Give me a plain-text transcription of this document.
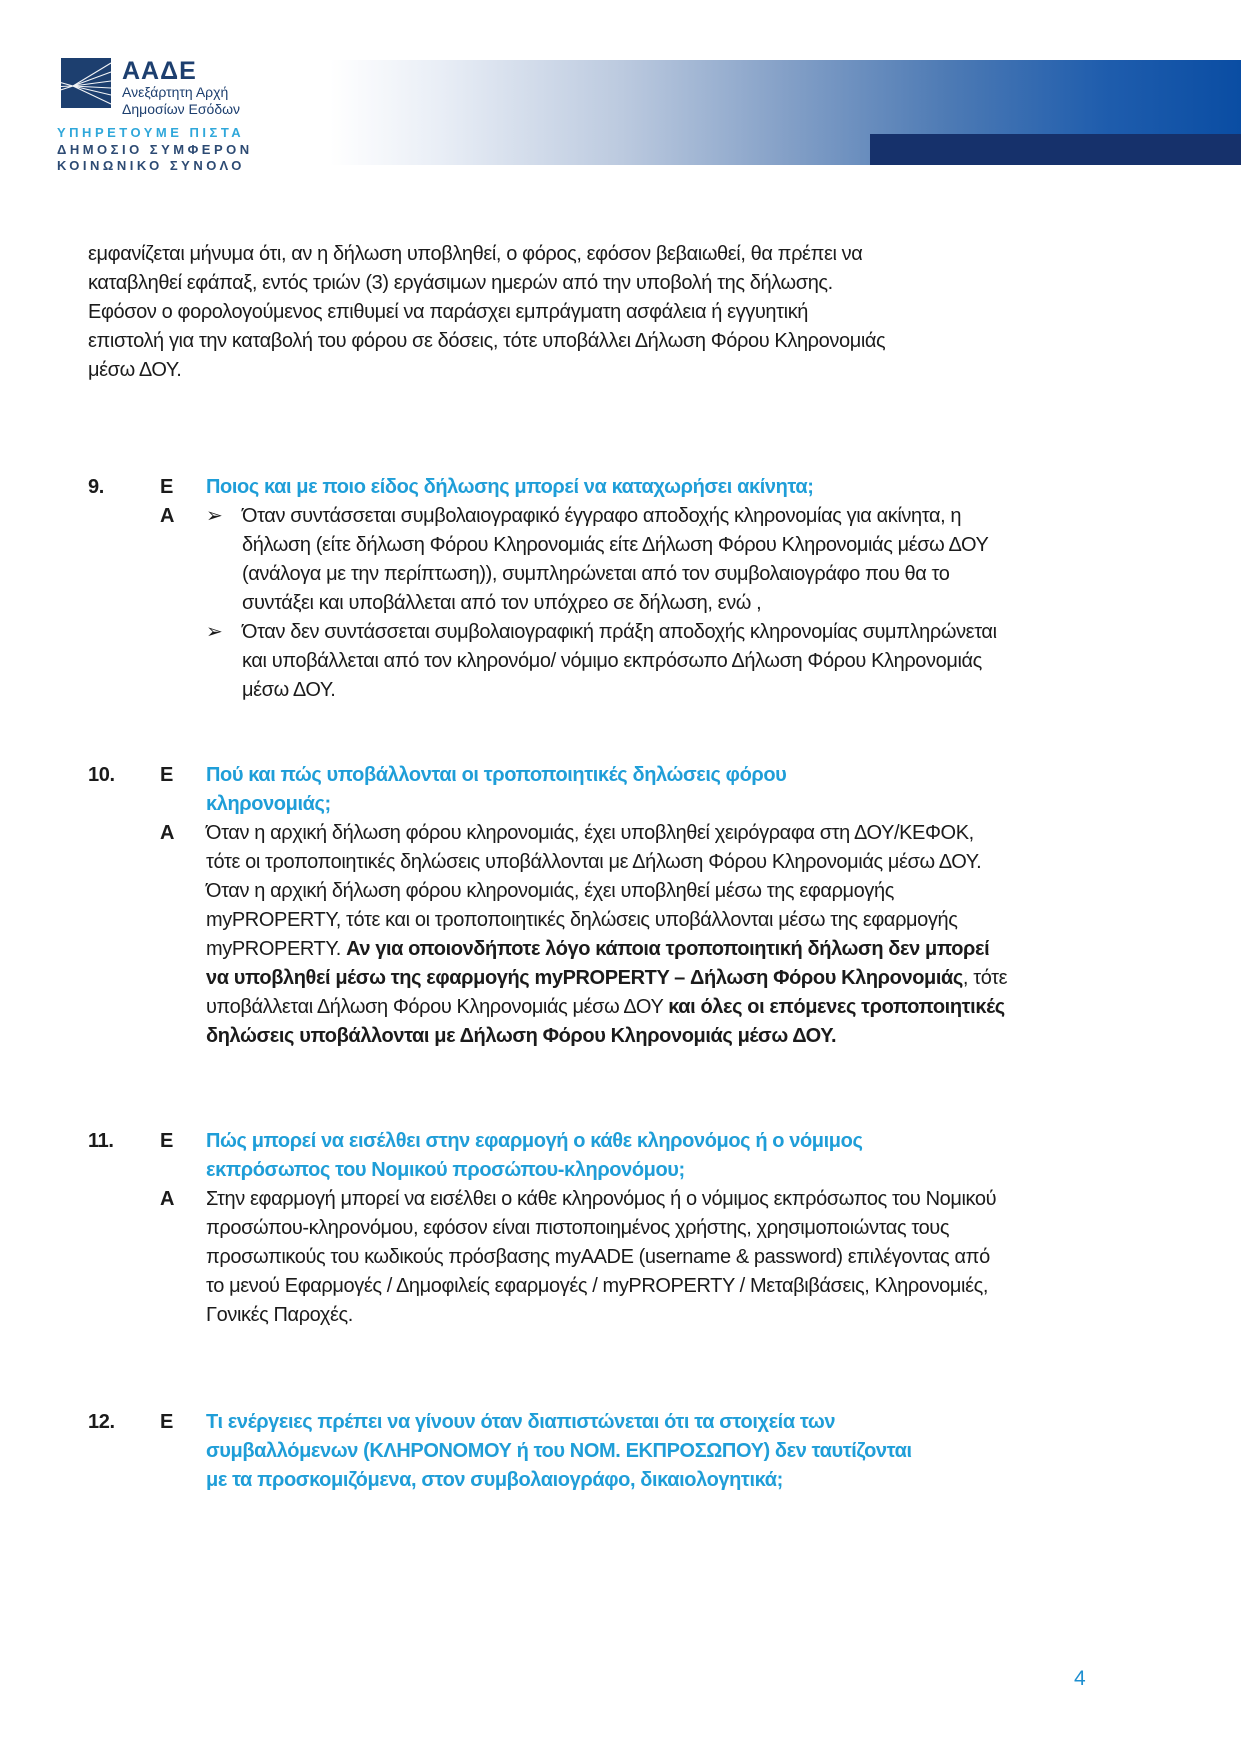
ΑΑΔΕ
Ανεξάρτητη Αρχή
Δημοσίων Εσόδων
ΥΠΗΡΕΤΟΥΜΕ ΠΙΣΤΑ
ΔΗΜΟΣΙΟ ΣΥΜΦΕΡΟΝ
ΚΟΙΝΩΝΙΚΟ ΣΥΝΟΛΟ

εμφανίζεται μήνυμα ότι, αν η δήλωση υποβληθεί, ο φόρος, εφόσον βεβαιωθεί, θα πρέπει να καταβληθεί εφάπαξ, εντός τριών (3) εργάσιμων ημερών από την υποβολή της δήλωσης. Εφόσον ο φορολογούμενος επιθυμεί να παράσχει εμπράγματη ασφάλεια ή εγγυητική επιστολή για την καταβολή του φόρου σε δόσεις, τότε υποβάλλει Δήλωση Φόρου Κληρονομιάς μέσω ΔΟΥ.

9.	Ε	Ποιος και με ποιο είδος δήλωσης μπορεί να καταχωρήσει ακίνητα;
Α	➢ Όταν συντάσσεται συμβολαιογραφικό έγγραφο αποδοχής κληρονομίας για ακίνητα, η δήλωση (είτε δήλωση Φόρου Κληρονομιάς είτε Δήλωση Φόρου Κληρονομιάς μέσω ΔΟΥ (ανάλογα με την περίπτωση)), συμπληρώνεται από τον συμβολαιογράφο που θα το συντάξει και υποβάλλεται από τον υπόχρεο σε δήλωση, ενώ ,
➢ Όταν δεν συντάσσεται συμβολαιογραφική πράξη αποδοχής κληρονομίας συμπληρώνεται και υποβάλλεται από τον κληρονόμο/ νόμιμο εκπρόσωπο Δήλωση Φόρου Κληρονομιάς μέσω ΔΟΥ.
10.	Ε	Πού και πώς υποβάλλονται οι τροποποιητικές δηλώσεις φόρου κληρονομιάς;
Α	Όταν η αρχική δήλωση φόρου κληρονομιάς, έχει υποβληθεί χειρόγραφα στη ΔΟΥ/ΚΕΦΟΚ, τότε οι τροποποιητικές δηλώσεις υποβάλλονται με Δήλωση Φόρου Κληρονομιάς μέσω ΔΟΥ.
Όταν η αρχική δήλωση φόρου κληρονομιάς, έχει υποβληθεί μέσω της εφαρμογής myPROPERTY, τότε και οι τροποποιητικές δηλώσεις υποβάλλονται μέσω της εφαρμογής myPROPERTY. Αν για οποιονδήποτε λόγο κάποια τροποποιητική δήλωση δεν μπορεί να υποβληθεί μέσω της εφαρμογής myPROPERTY – Δήλωση Φόρου Κληρονομιάς, τότε υποβάλλεται Δήλωση Φόρου Κληρονομιάς μέσω ΔΟΥ και όλες οι επόμενες τροποποιητικές δηλώσεις υποβάλλονται με Δήλωση Φόρου Κληρονομιάς μέσω ΔΟΥ.
11.	Ε	Πώς μπορεί να εισέλθει στην εφαρμογή ο κάθε κληρονόμος ή ο νόμιμος εκπρόσωπος του Νομικού προσώπου-κληρονόμου;
Α	Στην εφαρμογή μπορεί να εισέλθει ο κάθε κληρονόμος ή ο νόμιμος εκπρόσωπος του Νομικού προσώπου-κληρονόμου, εφόσον είναι πιστοποιημένος χρήστης, χρησιμοποιώντας τους προσωπικούς του κωδικούς πρόσβασης myAADE (username & password) επιλέγοντας από το μενού Εφαρμογές / Δημοφιλείς εφαρμογές / myPROPERTY / Μεταβιβάσεις, Κληρονομιές, Γονικές Παροχές.
12.	Ε	Τι ενέργειες πρέπει να γίνουν όταν διαπιστώνεται ότι τα στοιχεία των συμβαλλόμενων (ΚΛΗΡΟΝΟΜΟΥ ή του ΝΟΜ. ΕΚΠΡΟΣΩΠΟΥ) δεν ταυτίζονται με τα προσκομιζόμενα, στον συμβολαιογράφο, δικαιολογητικά;
4
